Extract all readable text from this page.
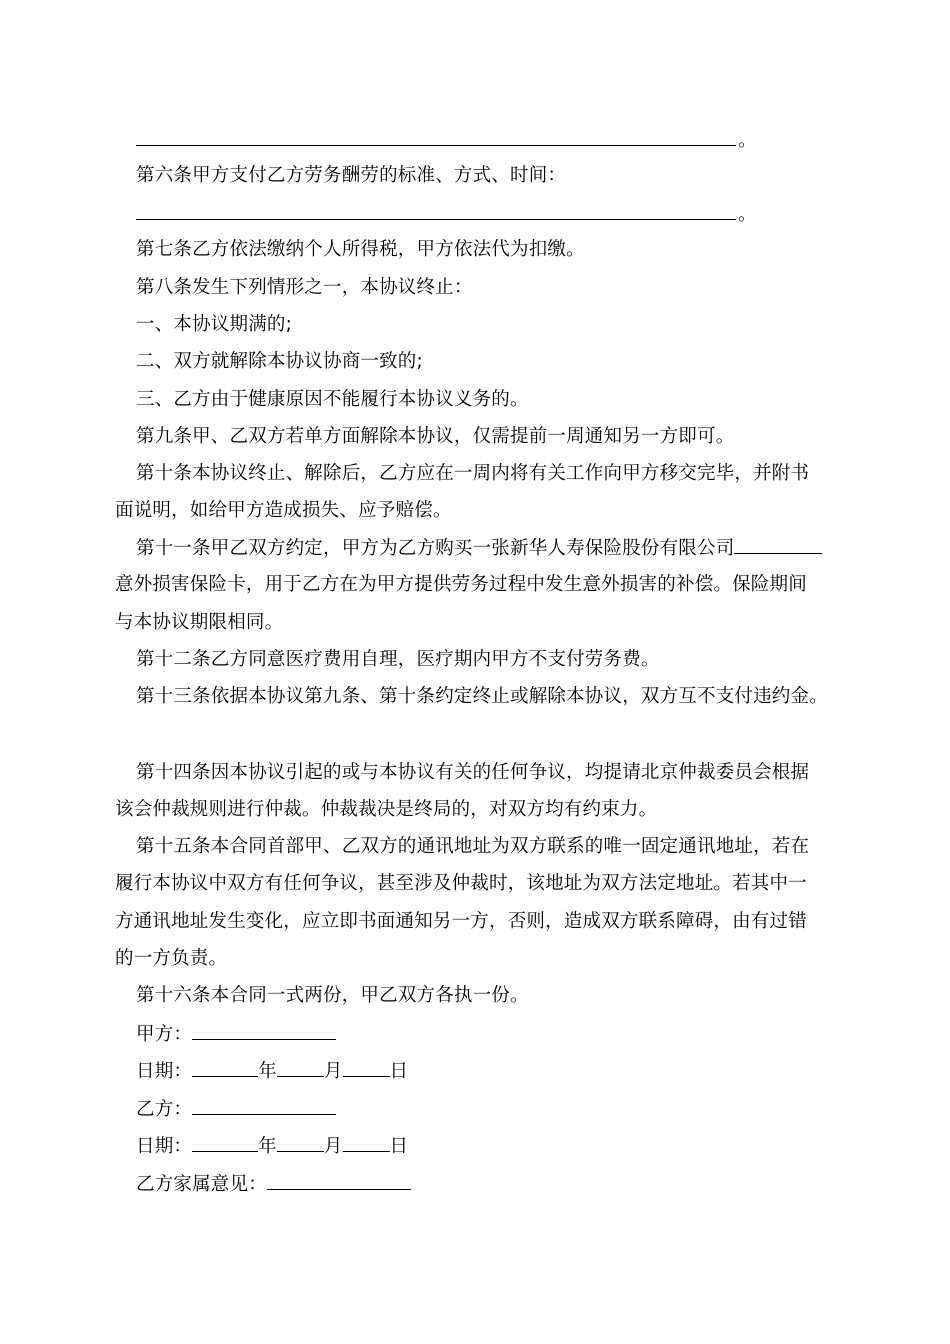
。
第六条甲方支付乙方劳务酬劳的标准、方式、时间：
。
第七条乙方依法缴纳个人所得税，甲方依法代为扣缴。
第八条发生下列情形之一，本协议终止：
一、本协议期满的;
二、双方就解除本协议协商一致的;
三、乙方由于健康原因不能履行本协议义务的。
第九条甲、乙双方若单方面解除本协议，仅需提前一周通知另一方即可。
第十条本协议终止、解除后，乙方应在一周内将有关工作向甲方移交完毕，并附书
面说明，如给甲方造成损失、应予赔偿。
第十一条甲乙双方约定，甲方为乙方购买一张新华人寿保险股份有限公司
意外损害保险卡，用于乙方在为甲方提供劳务过程中发生意外损害的补偿。保险期间
与本协议期限相同。
第十二条乙方同意医疗费用自理，医疗期内甲方不支付劳务费。
第十三条依据本协议第九条、第十条约定终止或解除本协议，双方互不支付违约金。
第十四条因本协议引起的或与本协议有关的任何争议，均提请北京仲裁委员会根据
该会仲裁规则进行仲裁。仲裁裁决是终局的，对双方均有约束力。
第十五条本合同首部甲、乙双方的通讯地址为双方联系的唯一固定通讯地址，若在
履行本协议中双方有任何争议，甚至涉及仲裁时，该地址为双方法定地址。若其中一
方通讯地址发生变化，应立即书面通知另一方，否则，造成双方联系障碍，由有过错
的一方负责。
第十六条本合同一式两份，甲乙双方各执一份。
甲方：
日期：	年	月	日
乙方：
日期：	年	月	日
乙方家属意见：
